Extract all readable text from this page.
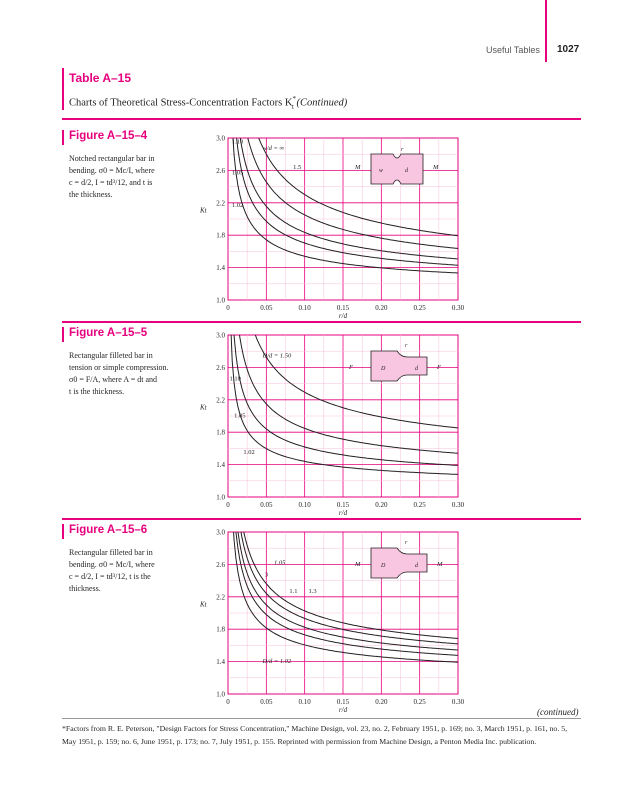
Useful Tables 1027
Table A–15
Charts of Theoretical Stress-Concentration Factors $K^*_t$ (Continued)
Figure A–15–4
Notched rectangular bar in
bending. σ0 = Mc/I, where
c = d/2, I = td³/12, and t is
the thickness.
0	0.05	0.10	0.15	0.20	0.25	0.30
1.0
1.4
1.8
2.2
2.6
3.0
r/d
Kt
w/d = ∞
1.5
1.10
1.05
1.02
M	M
w	d
r
Figure A–15–5
Rectangular filleted bar in
tension or simple compression.
σ0 = F/A, where A = dt and
t is the thickness.
0	0.05	0.10	0.15	0.20	0.25	0.30
1.0
1.4
1.8
2.2
2.6
3.0
r/d
Kt
D/d = 1.50
1.10
1.05
1.02
F	F
D	d
r
Figure A–15–6
Rectangular filleted bar in
bending. σ0 = Mc/I, where
c = d/2, I = td³/12, t is the
thickness.
0	0.05	0.10	0.15	0.20	0.25	0.30
1.0
1.4
1.8
2.2
2.6
3.0
r/d
Kt
1.05
3
1.1 1.3
D/d = 1.02
M	M
D	d
r
(continued)
*Factors from R. E. Peterson, "Design Factors for Stress Concentration," Machine Design, vol. 23, no. 2, February 1951, p. 169; no. 3, March 1951, p. 161, no. 5, May 1951, p. 159; no. 6, June 1951, p. 173; no. 7, July 1951, p. 155. Reprinted with permission from Machine Design, a Penton Media Inc. publication.
